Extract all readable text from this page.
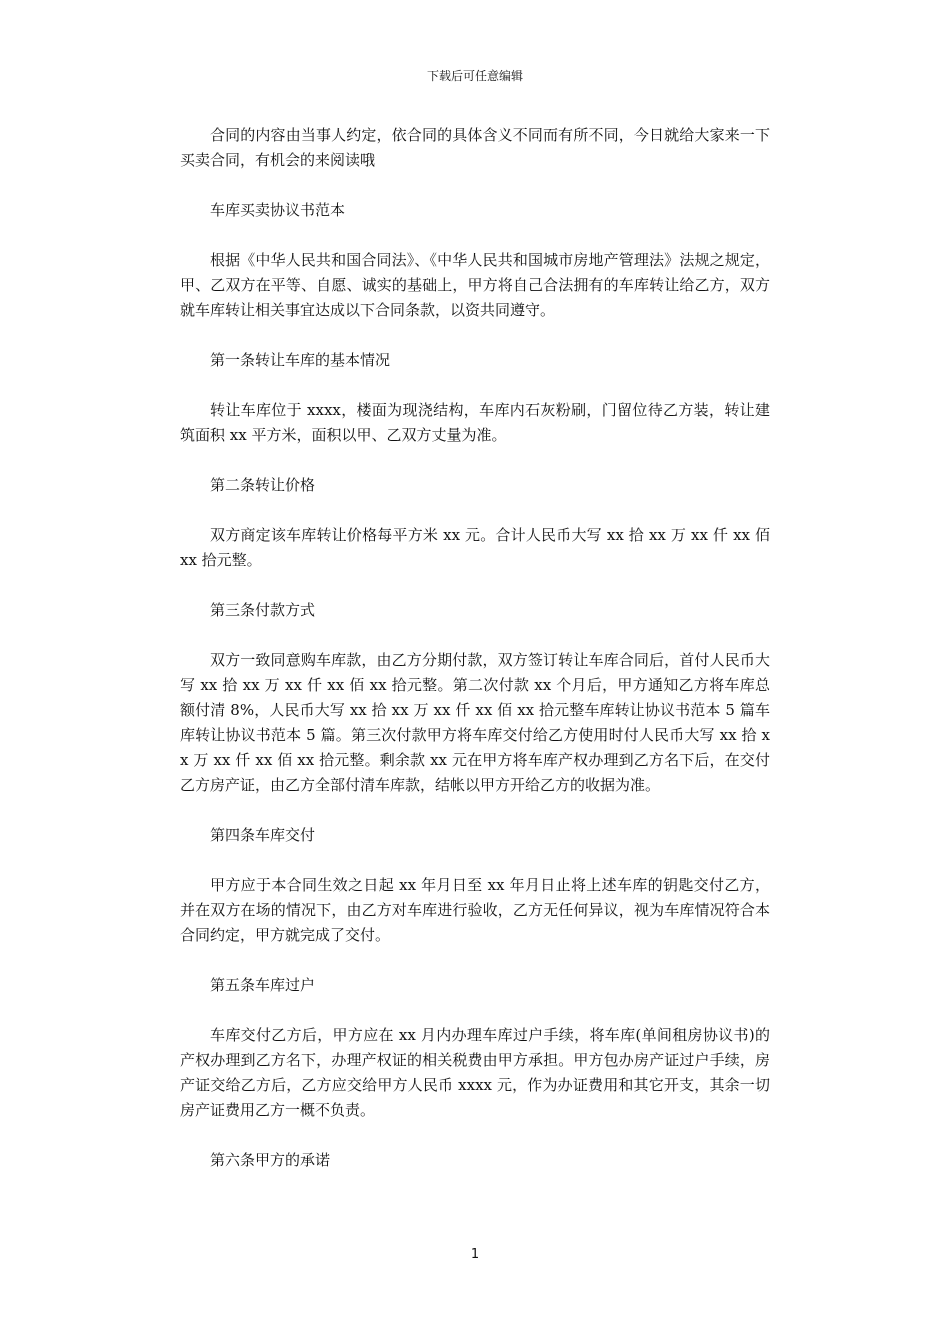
下载后可任意编辑

合同的内容由当事人约定，依合同的具体含义不同而有所不同，今日就给大家来一下买卖合同，有机会的来阅读哦

车库买卖协议书范本

根据《中华人民共和国合同法》、《中华人民共和国城市房地产管理法》法规之规定，甲、乙双方在平等、自愿、诚实的基础上，甲方将自己合法拥有的车库转让给乙方，双方就车库转让相关事宜达成以下合同条款，以资共同遵守。

第一条转让车库的基本情况

转让车库位于 xxxx，楼面为现浇结构，车库内石灰粉刷，门留位待乙方装，转让建筑面积 xx 平方米，面积以甲、乙双方丈量为准。

第二条转让价格

双方商定该车库转让价格每平方米 xx 元。合计人民币大写 xx 拾 xx 万 xx 仟 xx 佰 xx 拾元整。

第三条付款方式

双方一致同意购车库款，由乙方分期付款，双方签订转让车库合同后，首付人民币大写 xx 拾 xx 万 xx 仟 xx 佰 xx 拾元整。第二次付款 xx 个月后，甲方通知乙方将车库总额付清 8%，人民币大写 xx 拾 xx 万 xx 仟 xx 佰 xx 拾元整车库转让协议书范本 5 篇车库转让协议书范本 5 篇。第三次付款甲方将车库交付给乙方使用时付人民币大写 xx 拾 xx 万 xx 仟 xx 佰 xx 拾元整。剩余款 xx 元在甲方将车库产权办理到乙方名下后，在交付乙方房产证，由乙方全部付清车库款，结帐以甲方开给乙方的收据为准。

第四条车库交付

甲方应于本合同生效之日起 xx 年月日至 xx 年月日止将上述车库的钥匙交付乙方，并在双方在场的情况下，由乙方对车库进行验收，乙方无任何异议，视为车库情况符合本合同约定，甲方就完成了交付。

第五条车库过户

车库交付乙方后，甲方应在 xx 月内办理车库过户手续，将车库(单间租房协议书)的产权办理到乙方名下，办理产权证的相关税费由甲方承担。甲方包办房产证过户手续，房产证交给乙方后，乙方应交给甲方人民币 xxxx 元，作为办证费用和其它开支，其余一切房产证费用乙方一概不负责。

第六条甲方的承诺

1
